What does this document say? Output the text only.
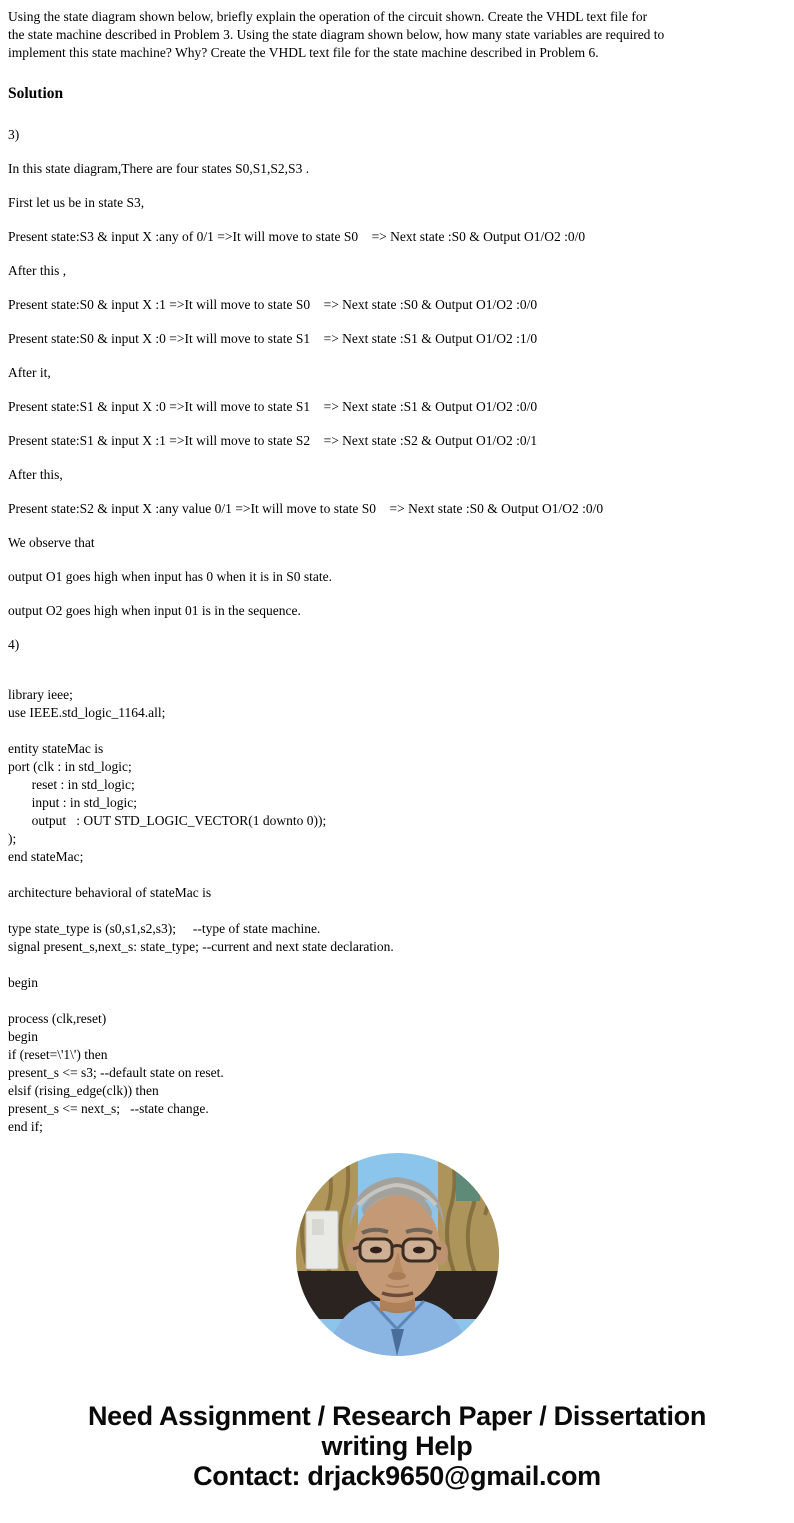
Using the state diagram shown below, briefly explain the operation of the circuit shown. Create the VHDL text file for
the state machine described in Problem 3. Using the state diagram shown below, how many state variables are required to
implement this state machine? Why? Create the VHDL text file for the state machine described in Problem 6.
Solution
3)
In this state diagram,There are four states S0,S1,S2,S3 .
First let us be in state S3,
Present state:S3 & input X :any of 0/1 =>It will move to state S0    => Next state :S0 & Output O1/O2 :0/0
After this ,
Present state:S0 & input X :1 =>It will move to state S0    => Next state :S0 & Output O1/O2 :0/0
Present state:S0 & input X :0 =>It will move to state S1    => Next state :S1 & Output O1/O2 :1/0
After it,
Present state:S1 & input X :0 =>It will move to state S1    => Next state :S1 & Output O1/O2 :0/0
Present state:S1 & input X :1 =>It will move to state S2    => Next state :S2 & Output O1/O2 :0/1
After this,
Present state:S2 & input X :any value 0/1 =>It will move to state S0    => Next state :S0 & Output O1/O2 :0/0
We observe that
output O1 goes high when input has 0 when it is in S0 state.
output O2 goes high when input 01 is in the sequence.
4)
library ieee;
use IEEE.std_logic_1164.all;
entity stateMac is
port (clk : in std_logic;
reset : in std_logic;
input : in std_logic;
output   : OUT STD_LOGIC_VECTOR(1 downto 0));
);
end stateMac;
architecture behavioral of stateMac is
type state_type is (s0,s1,s2,s3);     --type of state machine.
signal present_s,next_s: state_type; --current and next state declaration.
begin
process (clk,reset)
begin
if (reset=\'1\') then
present_s <= s3; --default state on reset.
elsif (rising_edge(clk)) then
present_s <= next_s;   --state change.
end if;
Need Assignment / Research Paper / Dissertation
writing Help
Contact: drjack9650@gmail.com
